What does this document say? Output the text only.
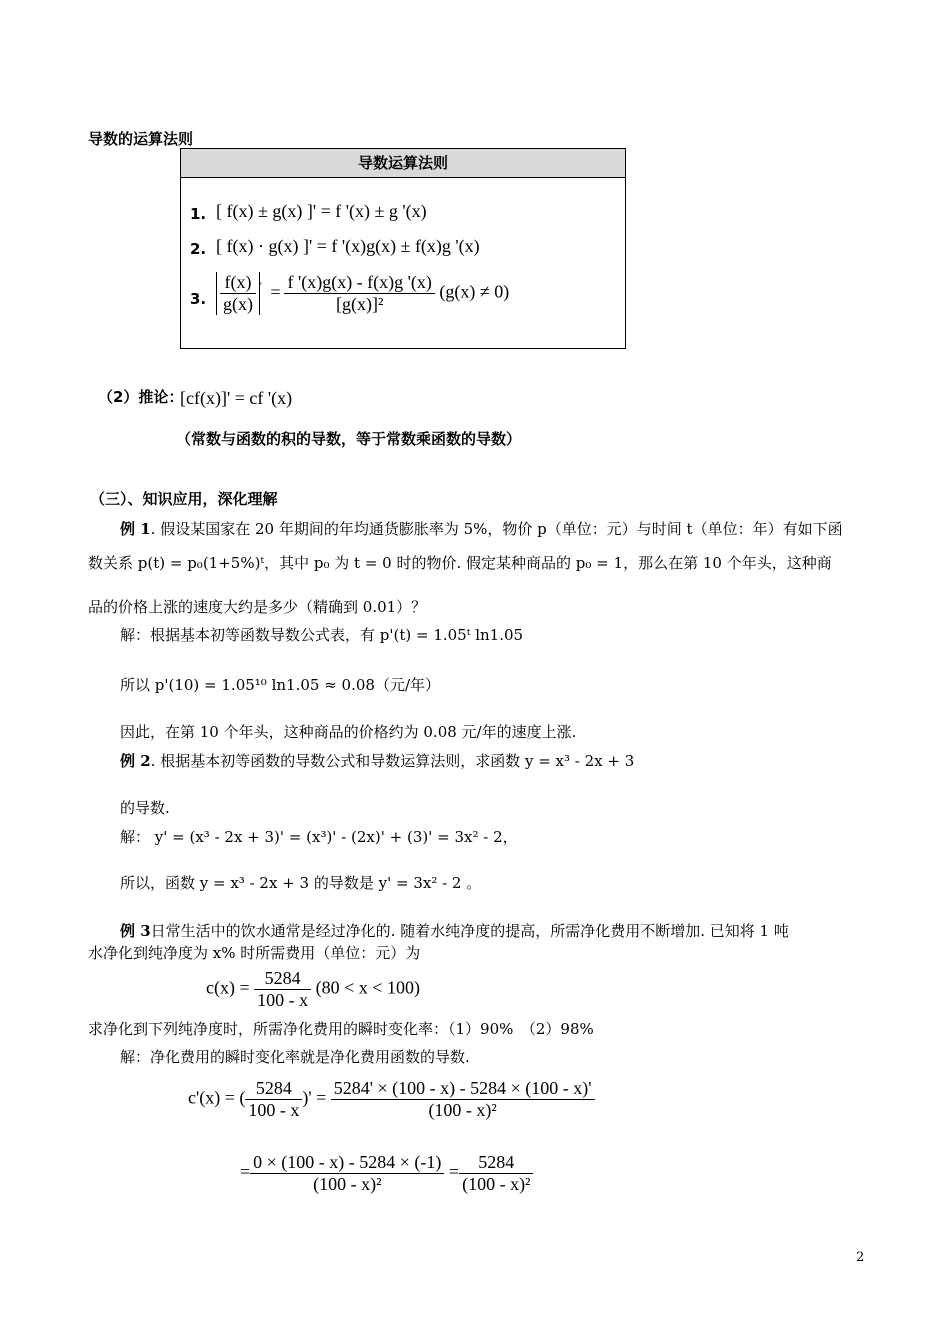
导数的运算法则
导数运算法则
1. [ f(x) ± g(x) ]' = f '(x) ± g '(x)
2. [ f(x) · g(x) ]' = f '(x)g(x) ± f(x)g '(x)
3. $\frac{f(x)}{g(x)} ' = \frac{f '(x)g(x) - f(x)g '(x)}{\text{[g(x)]²}} (g(x) \ne 0)$
（2）推论：
[cf(x)]' = cf '(x)
（常数与函数的积的导数，等于常数乘函数的导数）
（三）、知识应用，深化理解
例 1. 假设某国家在 20 年期间的年均通货膨胀率为 5%，物价 p（单位：元）与时间 t（单位：年）有如下函
数关系 p(t) = p₀(1+5%)ᵗ，其中 p₀ 为 t = 0 时的物价. 假定某种商品的 p₀ = 1，那么在第 10 个年头，这种商
品的价格上涨的速度大约是多少（精确到 0.01）？
解：根据基本初等函数导数公式表，有 p'(t) = 1.05ᵗ ln1.05
所以 p'(10) = 1.05¹⁰ ln1.05 ≈ 0.08（元/年）
因此，在第 10 个年头，这种商品的价格约为 0.08 元/年的速度上涨.
例 2. 根据基本初等函数的导数公式和导数运算法则，求函数 y = x³ - 2x + 3
的导数.
解： y' = (x³ - 2x + 3)' = (x³)' - (2x)' + (3)' = 3x² - 2，
所以，函数 y = x³ - 2x + 3 的导数是 y' = 3x² - 2 。
例 3日常生活中的饮水通常是经过净化的. 随着水纯净度的提高，所需净化费用不断增加. 已知将 1 吨
水净化到纯净度为 x% 时所需费用（单位：元）为
$c(x) = \frac{5284}{100 - x} (80 < x < 100)$
求净化到下列纯净度时，所需净化费用的瞬时变化率：（1）90%　（2）98%
解：净化费用的瞬时变化率就是净化费用函数的导数.
c'(x) = ( $\frac{5284}{100 - x}$ )' = $\frac{5284' \times (100 - x) - 5284 \times (100 - x)'}{\text{(100 - x)²}}$
= $\frac{0 \times (100 - x) - 5284 \times (-1)}{\text{(100 - x)²}} = \frac{5284}{\text{(100 - x)²}}$
2
